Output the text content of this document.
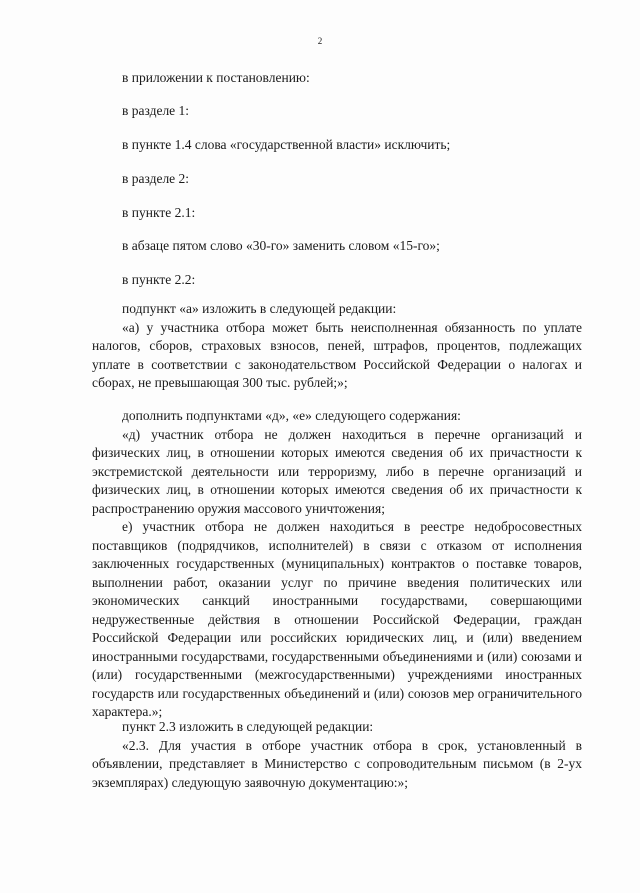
2
в приложении к постановлению:
в разделе 1:
в пункте 1.4 слова «государственной власти» исключить;
в разделе 2:
в пункте 2.1:
в абзаце пятом слово «30-го» заменить словом «15-го»;
в пункте 2.2:

подпункт «а» изложить в следующей редакции:

«а) у участника отбора может быть неисполненная обязанность по уплате налогов, сборов, страховых взносов, пеней, штрафов, процентов, подлежащих уплате в соответствии с законодательством Российской Федерации о налогах и сборах, не превышающая 300 тыс. рублей;»;

дополнить подпунктами «д», «е» следующего содержания:

«д) участник отбора не должен находиться в перечне организаций и физических лиц, в отношении которых имеются сведения об их причастности к экстремистской деятельности или терроризму, либо в перечне организаций и физических лиц, в отношении которых имеются сведения об их причастности к распространению оружия массового уничтожения;

е) участник отбора не должен находиться в реестре недобросовестных поставщиков (подрядчиков, исполнителей) в связи с отказом от исполнения заключенных государственных (муниципальных) контрактов о поставке товаров, выполнении работ, оказании услуг по причине введения политических или экономических санкций иностранными государствами, совершающими недружественные действия в отношении Российской Федерации, граждан Российской Федерации или российских юридических лиц, и (или) введением иностранными государствами, государственными объединениями и (или) союзами и (или) государственными (межгосударственными) учреждениями иностранных государств или государственных объединений и (или) союзов мер ограничительного характера.»;

пункт 2.3 изложить в следующей редакции:

«2.3. Для участия в отборе участник отбора в срок, установленный в объявлении, представляет в Министерство с сопроводительным письмом (в 2-ух экземплярах) следующую заявочную документацию:»;
